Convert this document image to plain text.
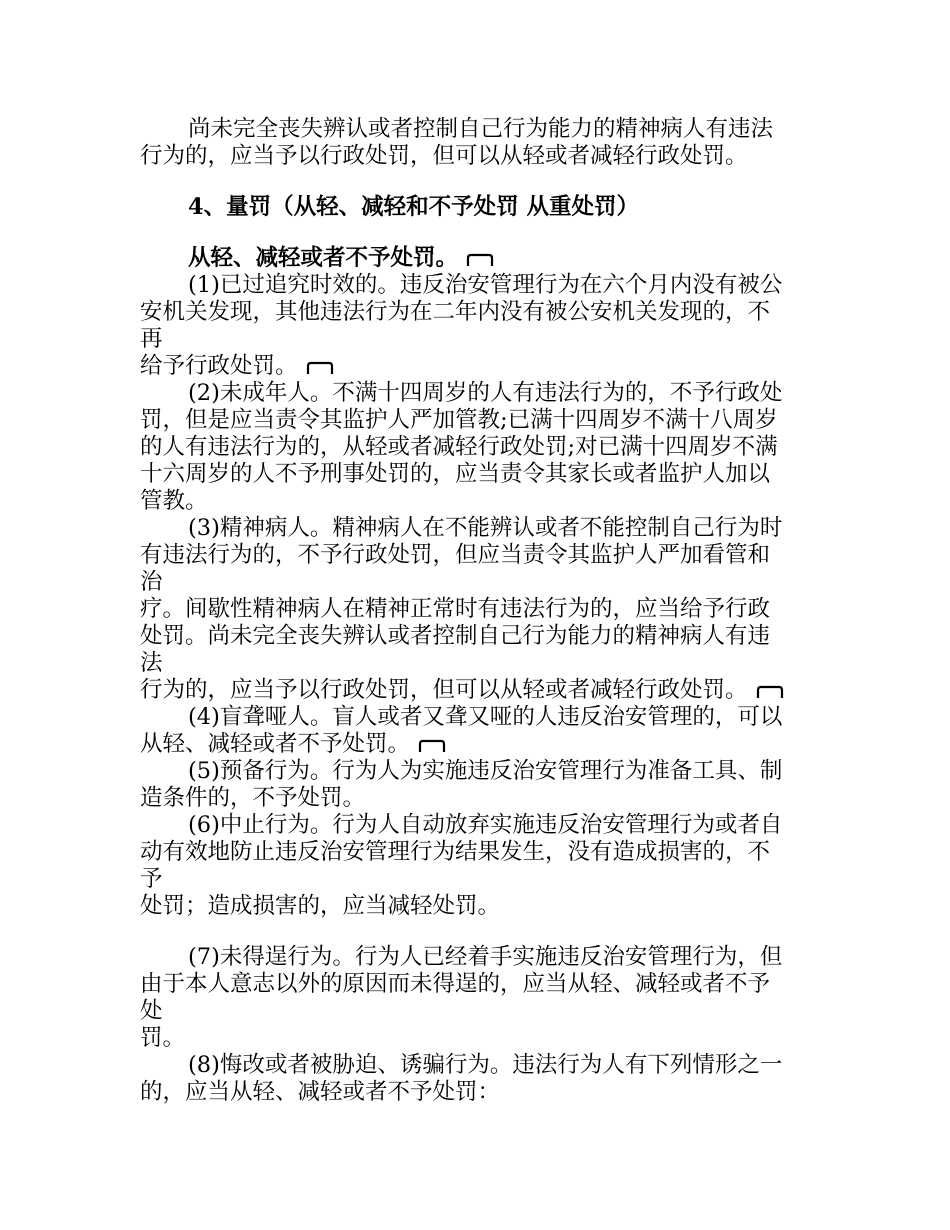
尚未完全丧失辨认或者控制自己行为能力的精神病人有违法
行为的，应当予以行政处罚，但可以从轻或者减轻行政处罚。
4、量罚（从轻、减轻和不予处罚 从重处罚）
从轻、减轻或者不予处罚。
(1)已过追究时效的。违反治安管理行为在六个月内没有被公
安机关发现，其他违法行为在二年内没有被公安机关发现的，不
再
给予行政处罚。
(2)未成年人。不满十四周岁的人有违法行为的，不予行政处
罚，但是应当责令其监护人严加管教;已满十四周岁不满十八周岁
的人有违法行为的，从轻或者减轻行政处罚;对已满十四周岁不满
十六周岁的人不予刑事处罚的，应当责令其家长或者监护人加以
管教。
(3)精神病人。精神病人在不能辨认或者不能控制自己行为时
有违法行为的，不予行政处罚，但应当责令其监护人严加看管和
治
疗。间歇性精神病人在精神正常时有违法行为的，应当给予行政
处罚。尚未完全丧失辨认或者控制自己行为能力的精神病人有违
法
行为的，应当予以行政处罚，但可以从轻或者减轻行政处罚。
(4)盲聋哑人。盲人或者又聋又哑的人违反治安管理的，可以
从轻、减轻或者不予处罚。
(5)预备行为。行为人为实施违反治安管理行为准备工具、制
造条件的，不予处罚。
(6)中止行为。行为人自动放弃实施违反治安管理行为或者自
动有效地防止违反治安管理行为结果发生，没有造成损害的，不
予
处罚；造成损害的，应当减轻处罚。
(7)未得逞行为。行为人已经着手实施违反治安管理行为，但
由于本人意志以外的原因而未得逞的，应当从轻、减轻或者不予
处
罚。
(8)悔改或者被胁迫、诱骗行为。违法行为人有下列情形之一
的，应当从轻、减轻或者不予处罚：
